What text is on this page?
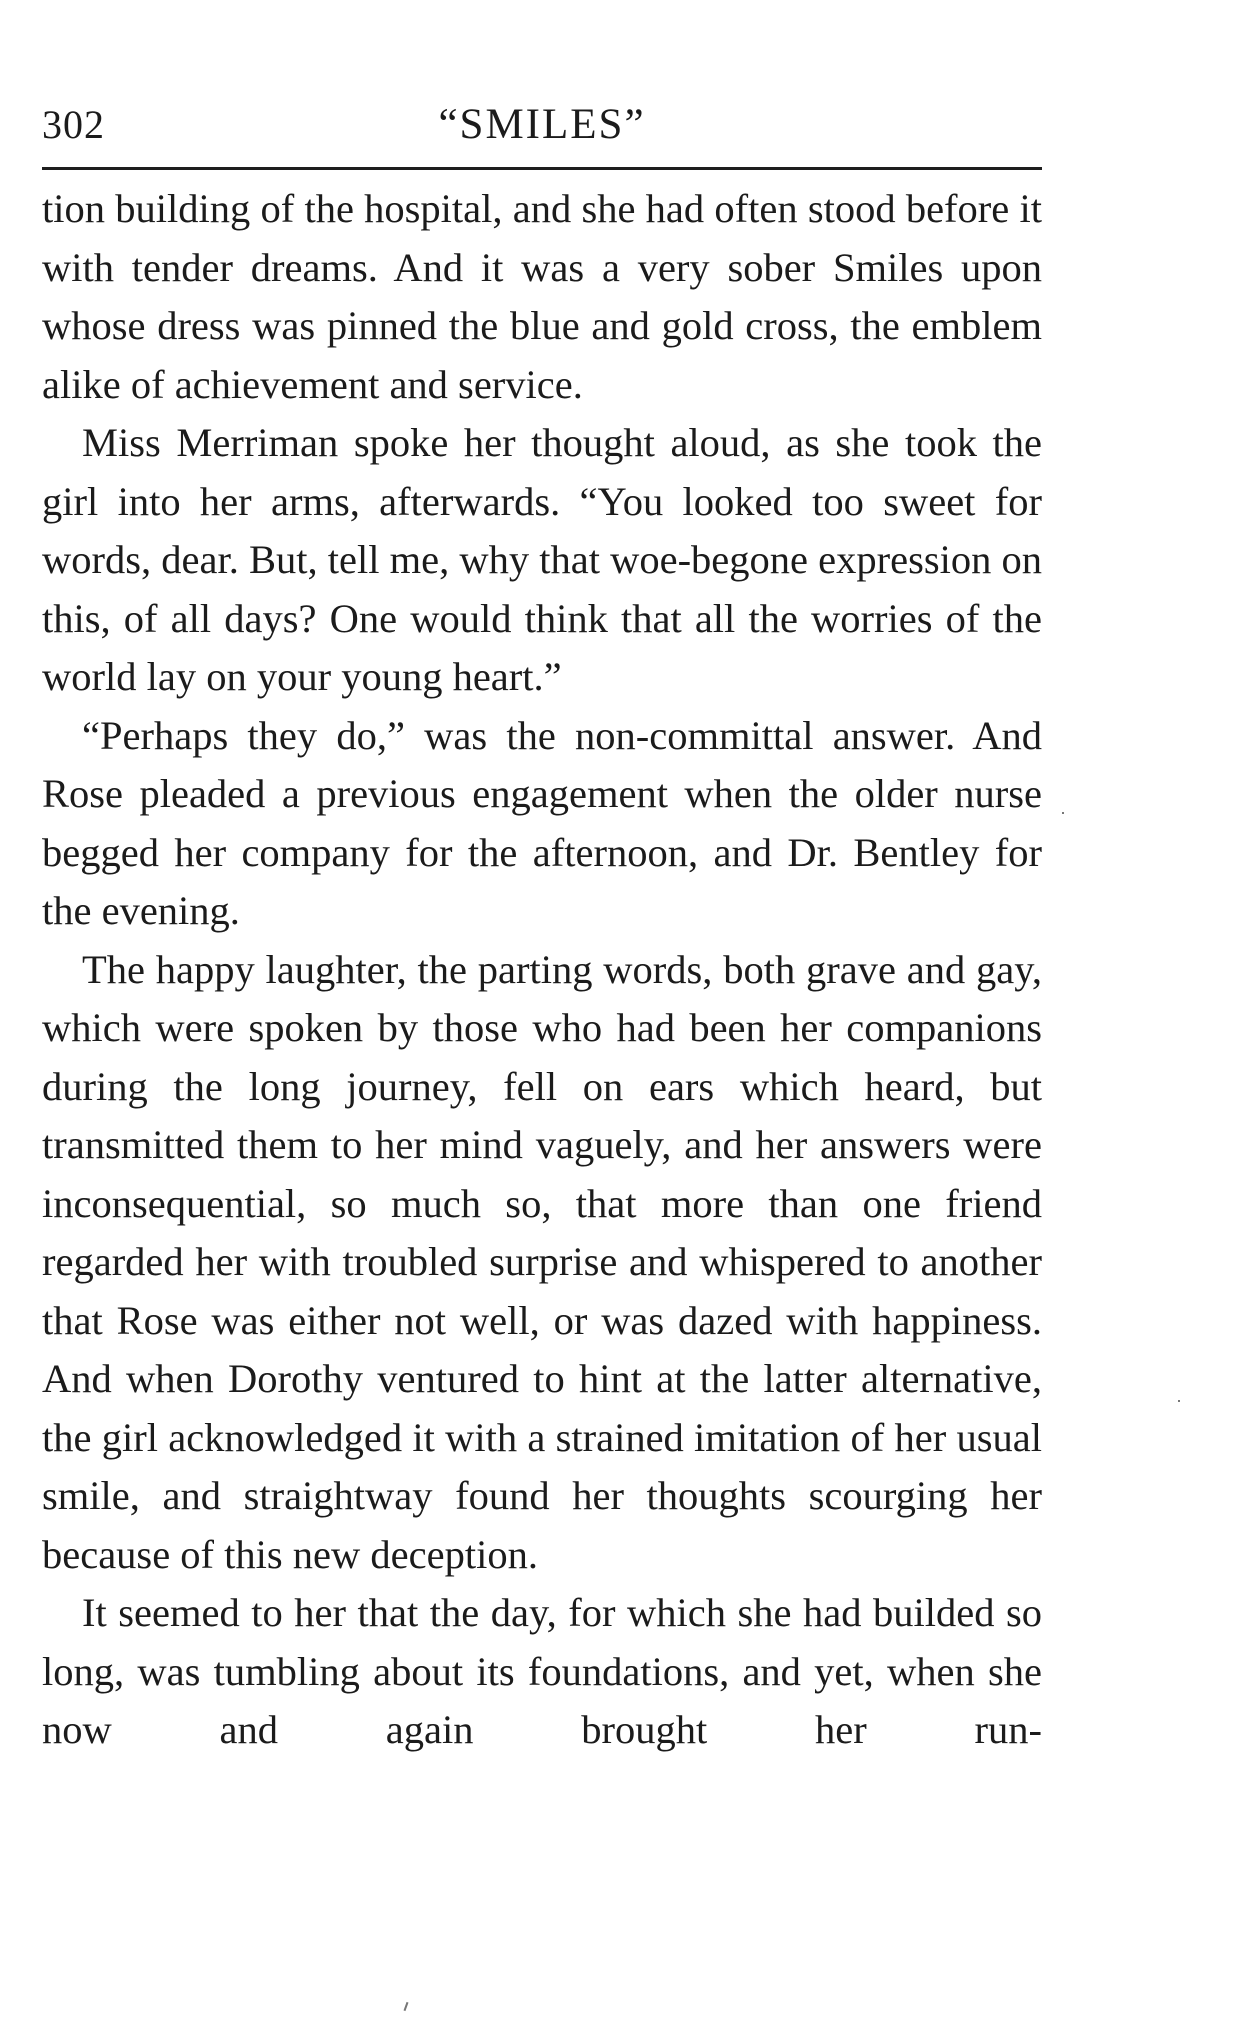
302	“SMILES”

tion building of the hospital, and she had often stood before it with tender dreams. And it was a very sober Smiles upon whose dress was pinned the blue and gold cross, the emblem alike of achievement and service.

Miss Merriman spoke her thought aloud, as she took the girl into her arms, afterwards. “You looked too sweet for words, dear. But, tell me, why that woe-begone expression on this, of all days? One would think that all the worries of the world lay on your young heart.”

“Perhaps they do,” was the non-committal answer. And Rose pleaded a previous engagement when the older nurse begged her company for the afternoon, and Dr. Bentley for the evening.

The happy laughter, the parting words, both grave and gay, which were spoken by those who had been her companions during the long journey, fell on ears which heard, but transmitted them to her mind vaguely, and her answers were inconsequential, so much so, that more than one friend regarded her with troubled surprise and whispered to another that Rose was either not well, or was dazed with happiness. And when Dorothy ventured to hint at the latter alternative, the girl acknowledged it with a strained imitation of her usual smile, and straightway found her thoughts scourging her because of this new deception.

It seemed to her that the day, for which she had builded so long, was tumbling about its foundations, and yet, when she now and again brought her run-
